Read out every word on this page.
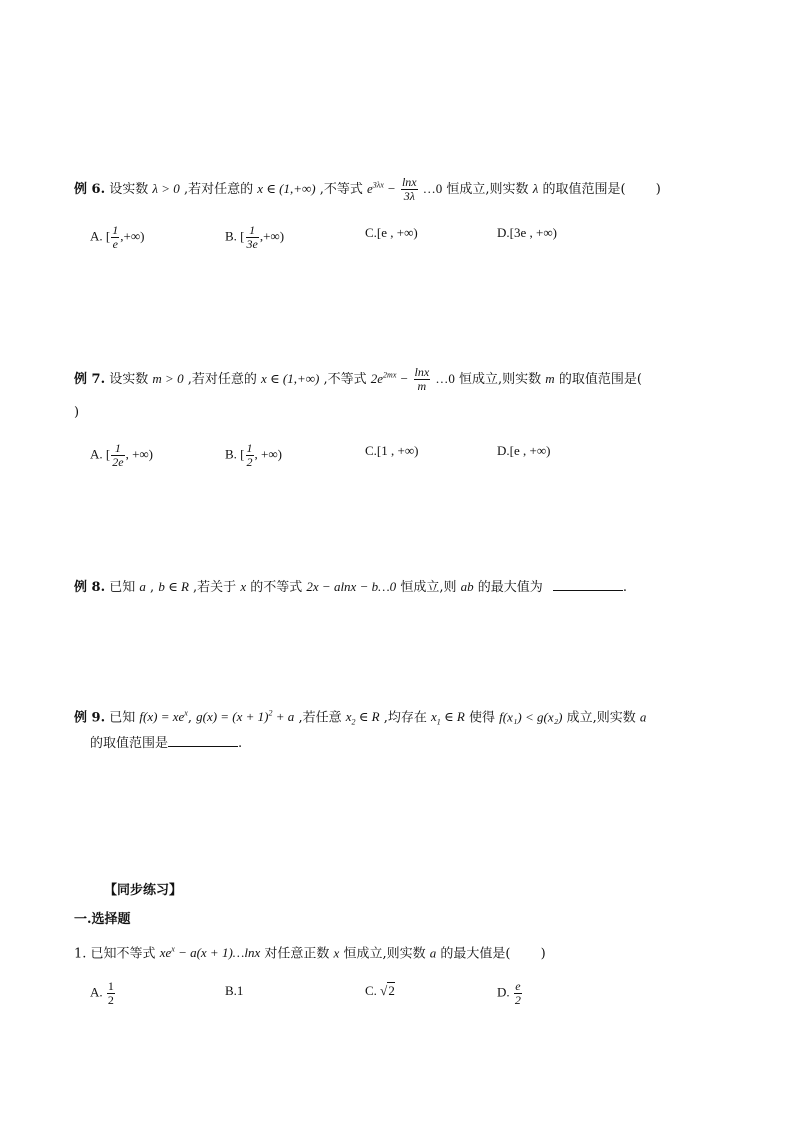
例 6. 设实数 λ > 0 ,若对任意的 x ∈ (1,+∞) ,不等式 $e^{3\lambda x} - \frac{\ln x}{3\lambda}$ …0 恒成立,则实数 λ 的取值范围是( )
A. [ $\frac{1}{e}$ ,+∞)	B. [ $\frac{1}{3e}$ ,+∞)	C.[e , +∞)	D.[3e , +∞)
例 7. 设实数 m > 0 ,若对任意的 x ∈ (1,+∞) ,不等式 $2e^{2mx} - \frac{\ln x}{m}$ …0 恒成立,则实数 m 的取值范围是(
)
A. [ $\frac{1}{2e}$ , +∞)	B. [ $\frac{1}{2}$ , +∞)	C.[1 , +∞)	D.[e , +∞)
例 8. 已知 a , b ∈ R ,若关于 x 的不等式 2x − alnx − b…0 恒成立,则 ab 的最大值为	.
例 9. 已知 $f(x) = xe^x$, $g(x) = (x + 1)^2 + a$ ,若任意 $x_2$ ∈ R ,均存在 $x_1$ ∈ R 使得 f(x₁) < g(x₂) 成立,则实数 a
的取值范围是	.
【同步练习】
一.选择题
1. 已知不等式 $xe^x - a(x$ + 1)…lnx 对任意正数 x 恒成立,则实数 a 的最大值是( )
A. $\frac{1}{2}$	B.1	C. √2	D. $\frac{e}{2}$
